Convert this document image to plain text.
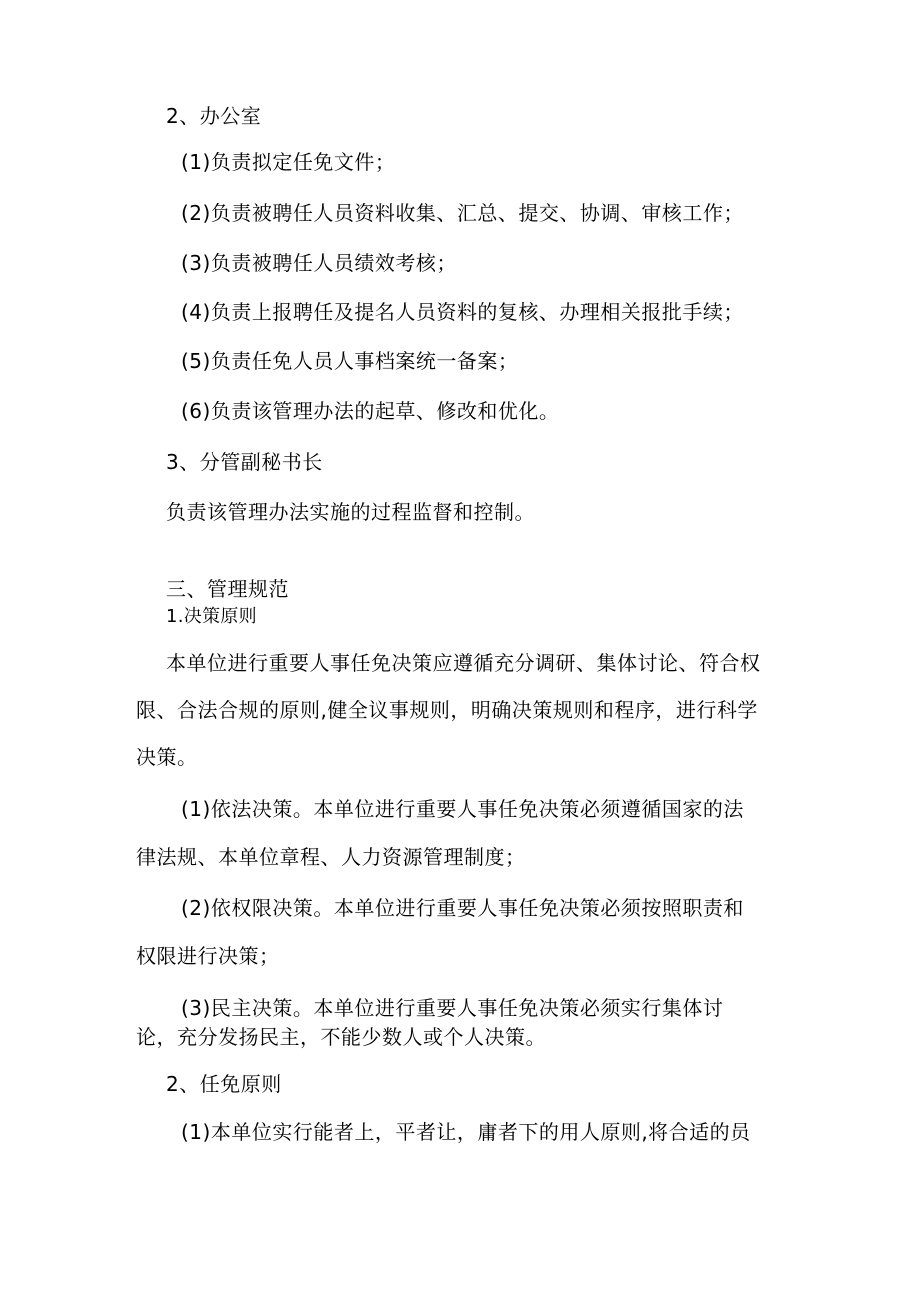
2、办公室
(1)负责拟定任免文件；
(2)负责被聘任人员资料收集、汇总、提交、协调、审核工作；
(3)负责被聘任人员绩效考核；
(4)负责上报聘任及提名人员资料的复核、办理相关报批手续；
(5)负责任免人员人事档案统一备案；
(6)负责该管理办法的起草、修改和优化。
3、分管副秘书长
负责该管理办法实施的过程监督和控制。
三、管理规范
1.决策原则
本单位进行重要人事任免决策应遵循充分调研、集体讨论、符合权
限、合法合规的原则,健全议事规则，明确决策规则和程序，进行科学
决策。
(1)依法决策。本单位进行重要人事任免决策必须遵循国家的法
律法规、本单位章程、人力资源管理制度；
(2)依权限决策。本单位进行重要人事任免决策必须按照职责和
权限进行决策；
(3)民主决策。本单位进行重要人事任免决策必须实行集体讨
论，充分发扬民主，不能少数人或个人决策。
2、任免原则
(1)本单位实行能者上，平者让，庸者下的用人原则,将合适的员
